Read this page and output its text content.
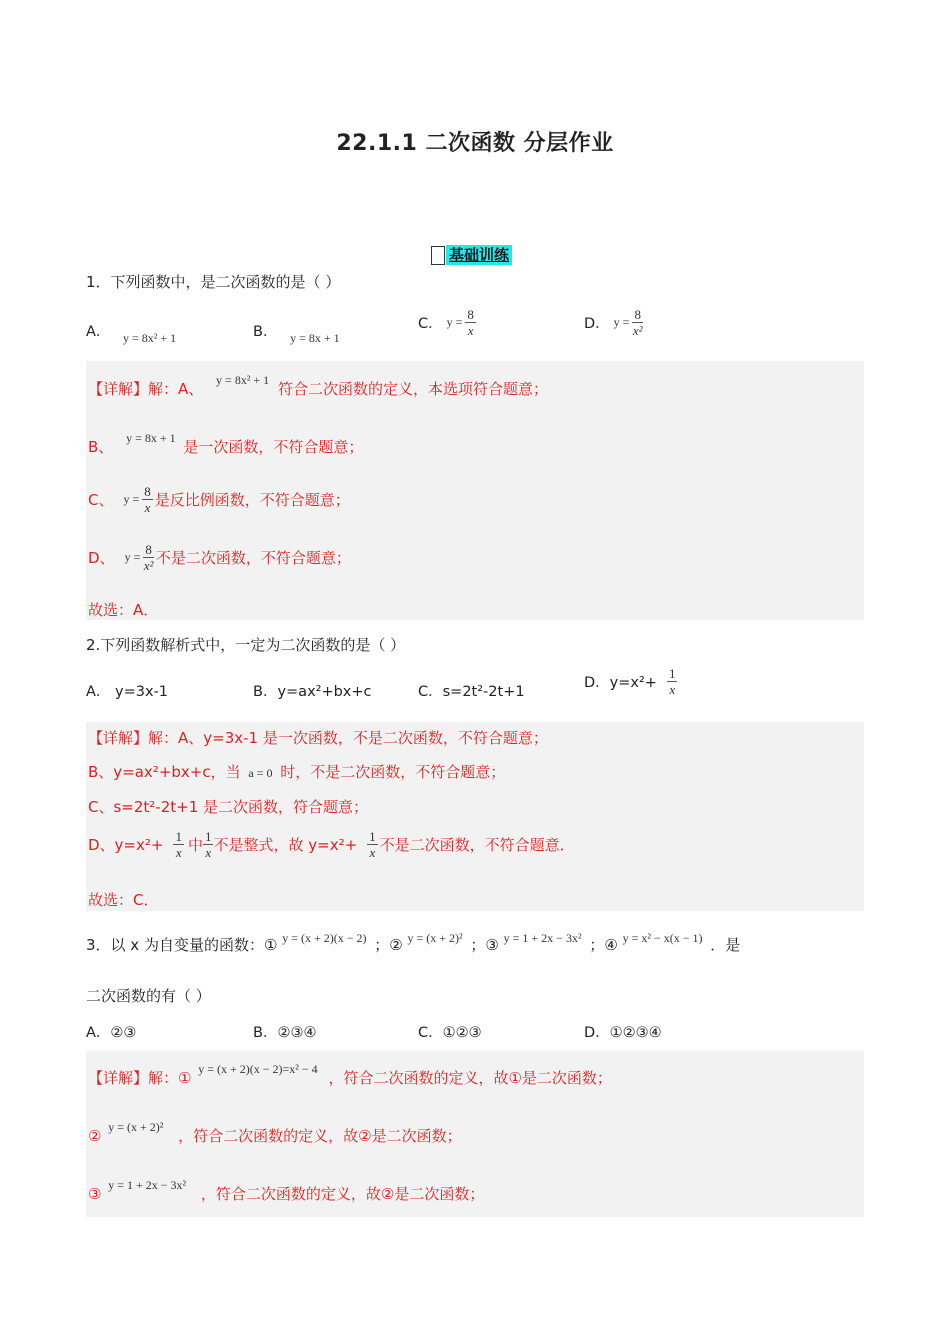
22.1.1 二次函数 分层作业
基础训练
1．下列函数中，是二次函数的是（ ）
A． $_{y = 8x^2 + 1}$	B． $_{y = 8x + 1}$
C． $y = \frac{8}{x}$	D． $y = \frac{8}{\text{x²}}$
【详解】解：A、 $^{y = 8x^2 + 1}$ 符合二次函数的定义，本选项符合题意；
B、 $^{y = 8x + 1}$ 是一次函数，不符合题意；
C、 $y = \frac{8}{x}$ 是反比例函数，不符合题意；
D、 $y = \frac{8}{\text{x²}}$ 不是二次函数，不符合题意；
故选：A．
2.下列函数解析式中，一定为二次函数的是（ ）
A． y=3x-1	B．y=ax²+bx+c	C．s=2t²-2t+1
D．$y=x^2+ \frac{1}{x}$
【详解】解：A、y=3x-1 是一次函数，不是二次函数，不符合题意；
B、y=ax²+bx+c，当 a = 0 时，不是二次函数，不符合题意；
C、s=2t²-2t+1 是二次函数，符合题意；
D、$y=x^2+ \frac{1}{x}$ 中 $\frac{1}{x}$ 不是整式，故 $y=x^2+ \frac{1}{x}$ 不是二次函数，不符合题意．
故选：C．
3．以 x 为自变量的函数：① $^{y = (x + 2)(x - 2)}$ ；② $^{y = (x + 2)^2}$ ；③ $^{y = 1 + 2x - 3x^2}$ ；④ $^{y = x^2 - x(x - 1)}$ ．是
二次函数的有（ ）
A．②③	B．②③④	C．①②③	D．①②③④
【详解】解：① $^{y = (x + 2)(x - 2)=x^2 - 4}$ ，符合二次函数的定义，故①是二次函数；
② $^{y = (x + 2)^2}$ ，符合二次函数的定义，故②是二次函数；
③ $^{y = 1 + 2x - 3x^2}$ ，符合二次函数的定义，故②是二次函数；
